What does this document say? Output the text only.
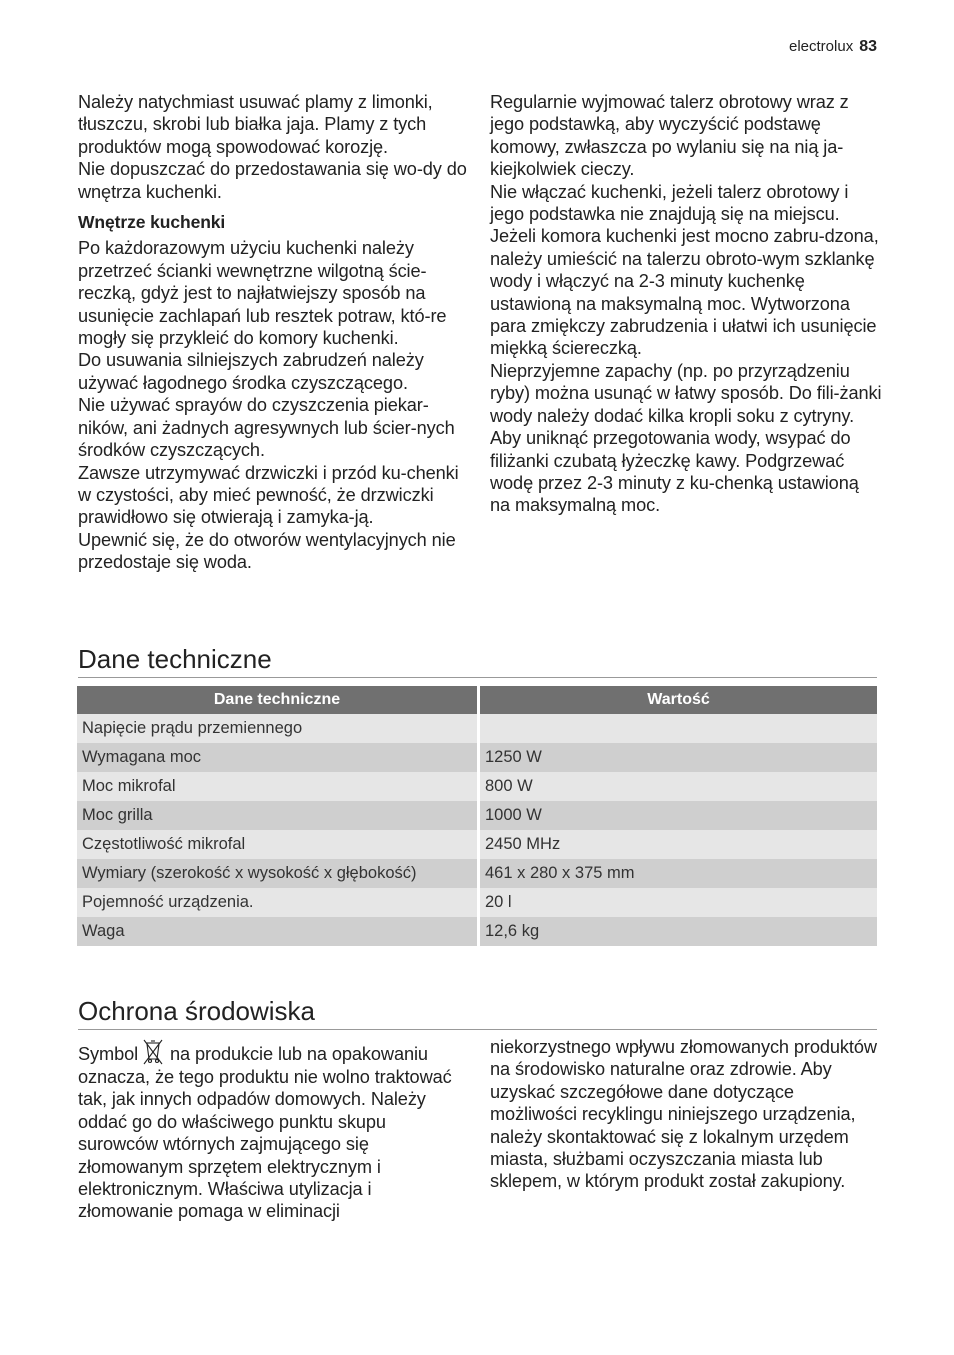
electrolux 83

Należy natychmiast usuwać plamy z limonki, tłuszczu, skrobi lub białka jaja. Plamy z tych produktów mogą spowodować korozję.

Nie dopuszczać do przedostawania się wo-dy do wnętrza kuchenki.

Wnętrze kuchenki

Po każdorazowym użyciu kuchenki należy przetrzeć ścianki wewnętrzne wilgotną ście-reczką, gdyż jest to najłatwiejszy sposób na usunięcie zachlapań lub resztek potraw, któ-re mogły się przykleić do komory kuchenki.

Do usuwania silniejszych zabrudzeń należy używać łagodnego środka czyszczącego.

Nie używać sprayów do czyszczenia piekar-ników, ani żadnych agresywnych lub ścier-nych środków czyszczących.

Zawsze utrzymywać drzwiczki i przód ku-chenki w czystości, aby mieć pewność, że drzwiczki prawidłowo się otwierają i zamyka-ją.

Upewnić się, że do otworów wentylacyjnych nie przedostaje się woda.

Regularnie wyjmować talerz obrotowy wraz z jego podstawką, aby wyczyścić podstawę komowy, zwłaszcza po wylaniu się na nią ja-kiejkolwiek cieczy.

Nie włączać kuchenki, jeżeli talerz obrotowy i jego podstawka nie znajdują się na miejscu.

Jeżeli komora kuchenki jest mocno zabru-dzona, należy umieścić na talerzu obroto-wym szklankę wody i włączyć na 2-3 minuty kuchenkę ustawioną na maksymalną moc. Wytworzona para zmiękczy zabrudzenia i ułatwi ich usunięcie miękką ściereczką.

Nieprzyjemne zapachy (np. po przyrządzeniu ryby) można usunąć w łatwy sposób. Do fili-żanki wody należy dodać kilka kropli soku z cytryny. Aby uniknąć przegotowania wody, wsypać do filiżanki czubatą łyżeczkę kawy. Podgrzewać wodę przez 2-3 minuty z ku-chenką ustawioną na maksymalną moc.

Dane techniczne
Dane techniczne	Wartość
Napięcie prądu przemiennego	
Wymagana moc	1250 W
Moc mikrofal	800 W
Moc grilla	1000 W
Częstotliwość mikrofal	2450 MHz
Wymiary (szerokość x wysokość x głębokość)	461 x 280 x 375 mm
Pojemność urządzenia.	20 l
Waga	12,6 kg
Ochrona środowiska

Symbol na produkcie lub na opakowaniu oznacza, że tego produktu nie wolno traktować tak, jak innych odpadów domowych. Należy oddać go do właściwego punktu skupu surowców wtórnych zajmującego się złomowanym sprzętem elektrycznym i elektronicznym. Właściwa utylizacja i złomowanie pomaga w eliminacji

niekorzystnego wpływu złomowanych produktów na środowisko naturalne oraz zdrowie. Aby uzyskać szczegółowe dane dotyczące możliwości recyklingu niniejszego urządzenia, należy skontaktować się z lokalnym urzędem miasta, służbami oczyszczania miasta lub sklepem, w którym produkt został zakupiony.
